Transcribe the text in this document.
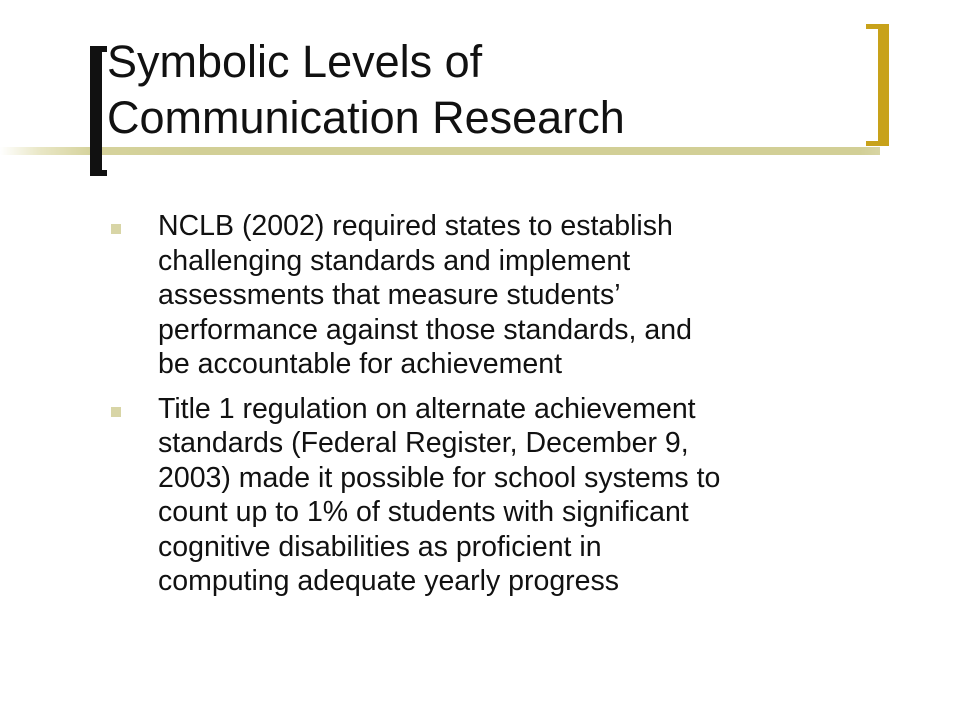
Symbolic Levels of
Communication Research
NCLB (2002) required states to establish
challenging standards and implement
assessments that measure students’
performance against those standards, and
be accountable for achievement
Title 1 regulation on alternate achievement
standards (Federal Register, December 9,
2003) made it possible for school systems to
count up to 1% of students with significant
cognitive disabilities as proficient in
computing adequate yearly progress
